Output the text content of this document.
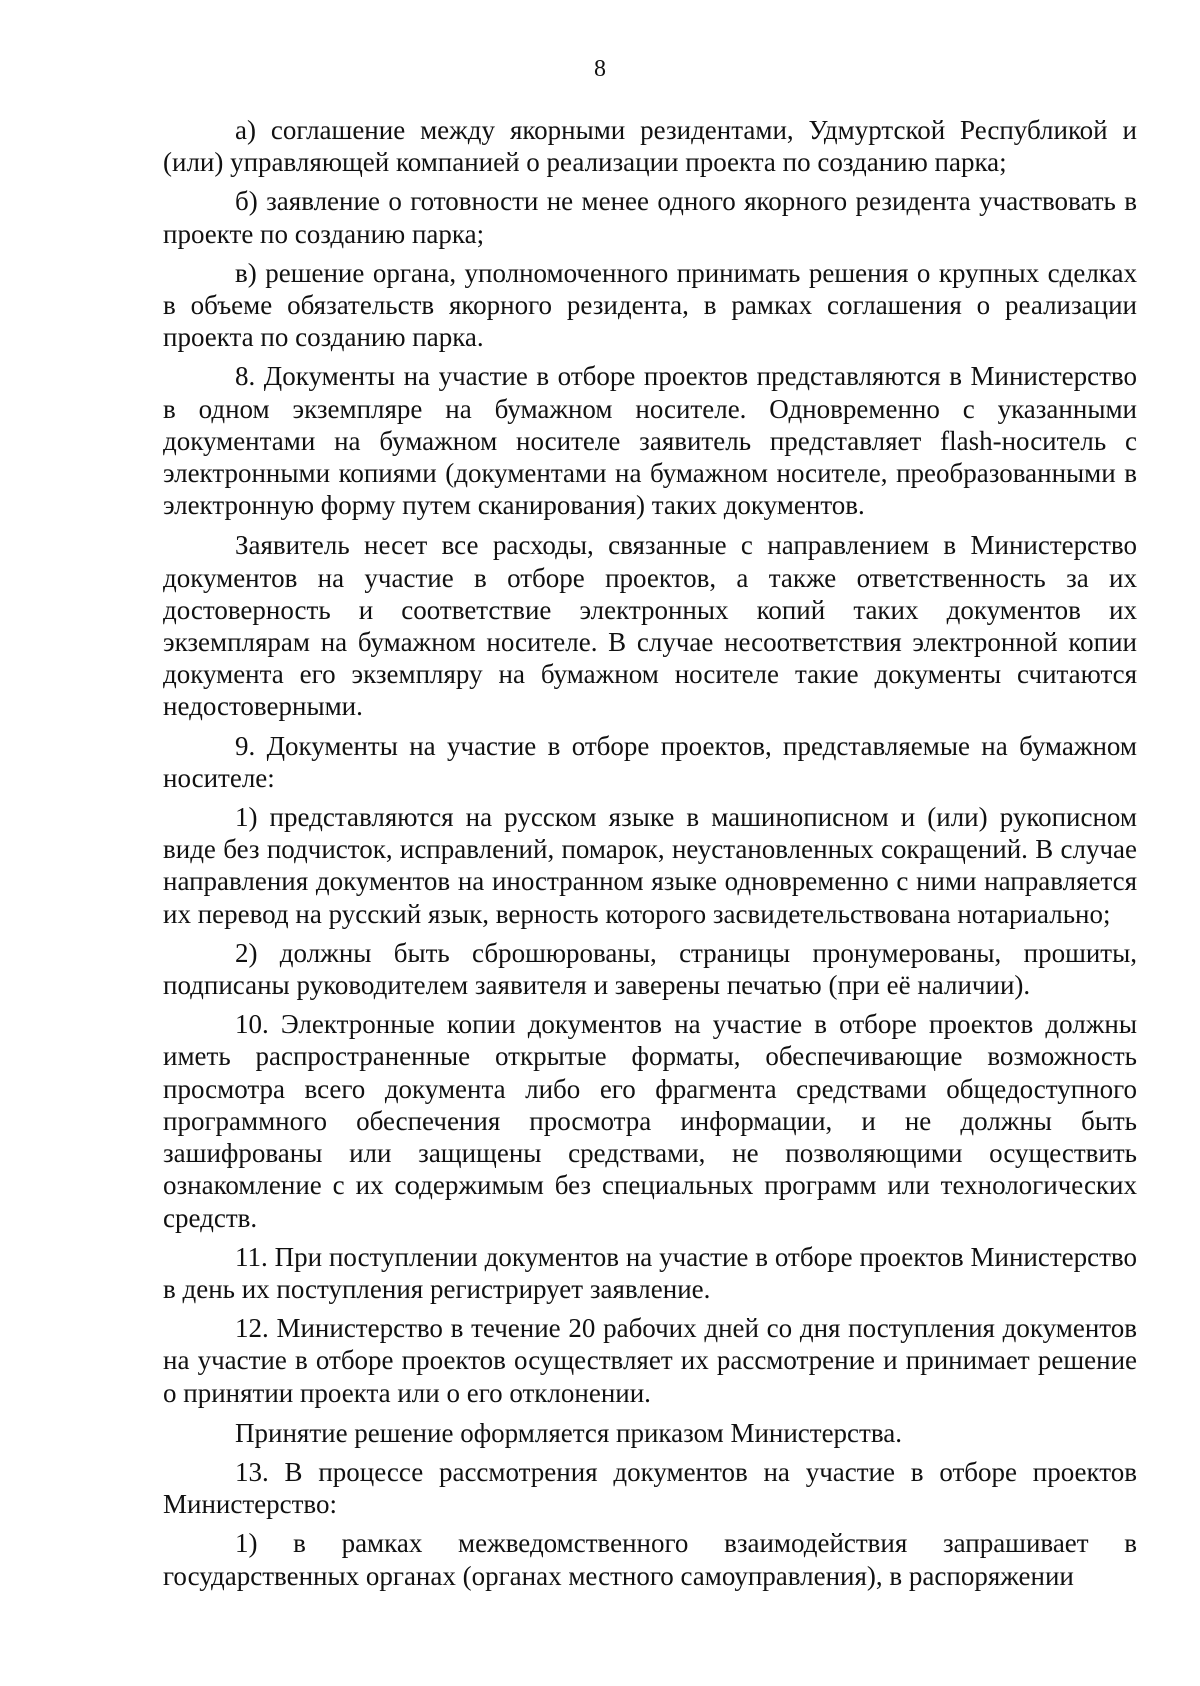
8

а) соглашение между якорными резидентами, Удмуртской Республикой и (или) управляющей компанией о реализации проекта по созданию парка;

б) заявление о готовности не менее одного якорного резидента участвовать в проекте по созданию парка;

в) решение органа, уполномоченного принимать решения о крупных сделках в объеме обязательств якорного резидента, в рамках соглашения о реализации проекта по созданию парка.

8. Документы на участие в отборе проектов представляются в Министерство в одном экземпляре на бумажном носителе. Одновременно с указанными документами на бумажном носителе заявитель представляет flash-носитель с электронными копиями (документами на бумажном носителе, преобразованными в электронную форму путем сканирования) таких документов.

Заявитель несет все расходы, связанные с направлением в Министерство документов на участие в отборе проектов, а также ответственность за их достоверность и соответствие электронных копий таких документов их экземплярам на бумажном носителе. В случае несоответствия электронной копии документа его экземпляру на бумажном носителе такие документы считаются недостоверными.

9. Документы на участие в отборе проектов, представляемые на бумажном носителе:

1) представляются на русском языке в машинописном и (или) рукописном виде без подчисток, исправлений, помарок, неустановленных сокращений. В случае направления документов на иностранном языке одновременно с ними направляется их перевод на русский язык, верность которого засвидетельствована нотариально;

2) должны быть сброшюрованы, страницы пронумерованы, прошиты, подписаны руководителем заявителя и заверены печатью (при её наличии).

10. Электронные копии документов на участие в отборе проектов должны иметь распространенные открытые форматы, обеспечивающие возможность просмотра всего документа либо его фрагмента средствами общедоступного программного обеспечения просмотра информации, и не должны быть зашифрованы или защищены средствами, не позволяющими осуществить ознакомление с их содержимым без специальных программ или технологических средств.

11. При поступлении документов на участие в отборе проектов Министерство в день их поступления регистрирует заявление.

12. Министерство в течение 20 рабочих дней со дня поступления документов на участие в отборе проектов осуществляет их рассмотрение и принимает решение о принятии проекта или о его отклонении.

Принятие решение оформляется приказом Министерства.

13. В процессе рассмотрения документов на участие в отборе проектов Министерство:

1) в рамках межведомственного взаимодействия запрашивает в государственных органах (органах местного самоуправления), в распоряжении
